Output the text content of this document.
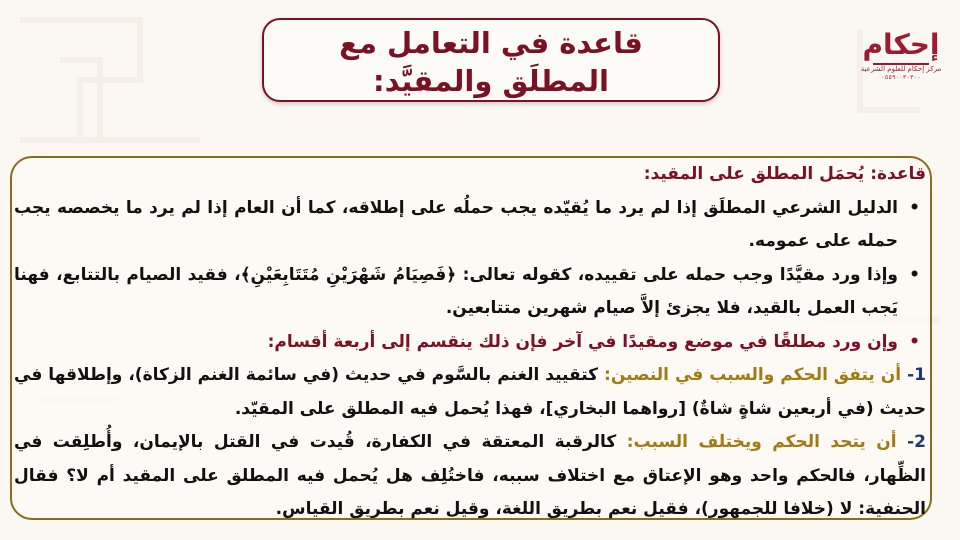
قاعدة في التعامل مع
المطلَق والمقيَّد:
إحكام
مركز إحكام للعلوم الشرعية
٠٥٥٩٠٠٣٠٣٠٠

قاعدة: يُحمَل المطلق على المقيد:

•
الدليل الشرعي المطلَق إذا لم يرد ما يُقيّده يجب حملُه على إطلاقه، كما أن العام إذا لم يرد ما يخصصه يجب حمله على عمومه.

•
وإذا ورد مقيَّدًا وجب حمله على تقييده، كقوله تعالى: ﴿فَصِيَامُ شَهْرَيْنِ مُتَتَابِعَيْنِ﴾، فقيد الصيام بالتتابع، فهنا يَجب العمل بالقيد، فلا يجزئ إلاَّ صيام شهرين متتابعين.

•
وإن ورد مطلقًا في موضع ومقيدًا في آخر فإن ذلك ينقسم إلى أربعة أقسام:

1- أن يتفق الحكم والسبب في النصين: كتقييد الغنم بالسَّوم في حديث (في سائمة الغنم الزكاة)، وإطلاقها في حديث (في أربعين شاةٍ شاةٌ) [رواهما البخاري]، فهذا يُحمل فيه المطلق على المقيّد.

2- أن يتحد الحكم ويختلف السبب: كالرقبة المعتقة في الكفارة، قُيدت في القتل بالإيمان، وأُطلِقت في الظِّهار، فالحكم واحد وهو الإعتاق مع اختلاف سببه، فاختُلِف هل يُحمل فيه المطلق على المقيد أم لا؟ فقال الحنفية: لا (خلافا للجمهور)، فقيل نعم بطريق اللغة، وقيل نعم بطريق القياس.
